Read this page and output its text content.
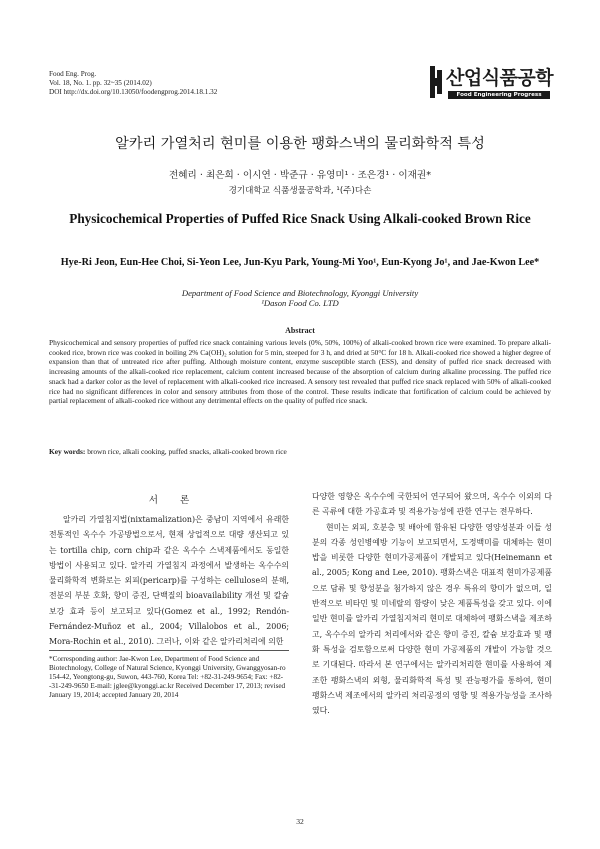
Food Eng. Prog.
Vol. 18, No. 1. pp. 32~35 (2014.02)
DOI http://dx.doi.org/10.13050/foodengprog.2014.18.1.32
산업식품공학
Food Engineering Progress
알카리 가열처리 현미를 이용한 팽화스낵의 물리화학적 특성
전혜리 · 최은희 · 이시연 · 박준규 · 유영미¹ · 조은경¹ · 이재권*
경기대학교 식품생물공학과, ¹(주)다손
Physicochemical Properties of Puffed Rice Snack Using Alkali-cooked Brown Rice
Hye-Ri Jeon, Eun-Hee Choi, Si-Yeon Lee, Jun-Kyu Park, Young-Mi Yoo¹, Eun-Kyong Jo¹, and Jae-Kwon Lee*
Department of Food Science and Biotechnology, Kyonggi University
¹Dason Food Co. LTD
Abstract
Physicochemical and sensory properties of puffed rice snack containing various levels (0%, 50%, 100%) of alkali-cooked brown rice were examined. To prepare alkali-cooked rice, brown rice was cooked in boiling 2% Ca(OH)₂ solution for 5 min, steeped for 3 h, and dried at 50°C for 18 h. Alkali-cooked rice showed a higher degree of expansion than that of untreated rice after puffing. Although moisture content, enzyme susceptible starch (ESS), and density of puffed rice snack decreased with increasing amounts of the alkali-cooked rice replacement, calcium content increased because of the absorption of calcium during alkaline processing. The puffed rice snack had a darker color as the level of replacement with alkali-cooked rice increased. A sensory test revealed that puffed rice snack replaced with 50% of alkali-cooked rice had no significant differences in color and sensory attributes from those of the control. These results indicate that fortification of calcium could be achieved by partial replacement of alkali-cooked rice without any detrimental effects on the quality of puffed rice snack.
Key words: brown rice, alkali cooking, puffed snacks, alkali-cooked brown rice
서론
알카리 가열침지법(nixtamalization)은 중남미 지역에서 유래한 전통적인 옥수수 가공방법으로서, 현재 상업적으로 대량 생산되고 있는 tortilla chip, corn chip과 같은 옥수수 스낵제품에서도 동일한 방법이 사용되고 있다. 알카리 가열침지 과정에서 발생하는 옥수수의 물리화학적 변화로는 외피(pericarp)를 구성하는 cellulose의 분해, 전분의 부분 호화, 향미 증진, 단백질의 bioavailability 개선 및 칼슘 보강 효과 등이 보고되고 있다(Gomez et al., 1992; Rendón-Fernández-Muñoz et al., 2004; Villalobos et al., 2006; Mora-Rochin et al., 2010). 그러나, 이와 같은 알카리처리에 의한

다양한 영향은 옥수수에 국한되어 연구되어 왔으며, 옥수수 이외의 다른 곡류에 대한 가공효과 및 적용가능성에 관한 연구는 전무하다.

현미는 외피, 호분층 및 배아에 함유된 다양한 영양성분과 이들 성분의 각종 성인병예방 기능이 보고되면서, 도정백미를 대체하는 현미밥을 비롯한 다양한 현미가공제품이 개발되고 있다(Heinemann et al., 2005; Kong and Lee, 2010). 팽화스낵은 대표적 현미가공제품으로 담류 및 향성분을 첨가하지 않은 경우 특유의 향미가 없으며, 일반적으로 비타민 및 미네랄의 함량이 낮은 제품특성을 갖고 있다. 이에 일반 현미를 알카리 가열침지처리 현미로 대체하여 팽화스낵을 제조하고, 옥수수의 알카리 처리에서와 같은 향미 증진, 칼슘 보강효과 및 팽화 특성을 검토함으로써 다양한 현미 가공제품의 개발이 가능할 것으로 기대된다. 따라서 본 연구에서는 알카리처리한 현미를 사용하여 제조한 팽화스낵의 외형, 물리화학적 특성 및 관능평가를 통하여, 현미 팽화스낵 제조에서의 알카리 처리공정의 영향 및 적용가능성을 조사하였다.

*Corresponding author: Jae-Kwon Lee, Department of Food Science and Biotechnology, College of Natural Science, Kyonggi University, Gwanggyosan-ro 154-42, Yeongtong-gu, Suwon, 443-760, Korea Tel: +82-31-249-9654; Fax: +82--31-249-9650 E-mail: jglee@kyonggi.ac.kr Received December 17, 2013; revised January 19, 2014; accepted January 20, 2014
32
